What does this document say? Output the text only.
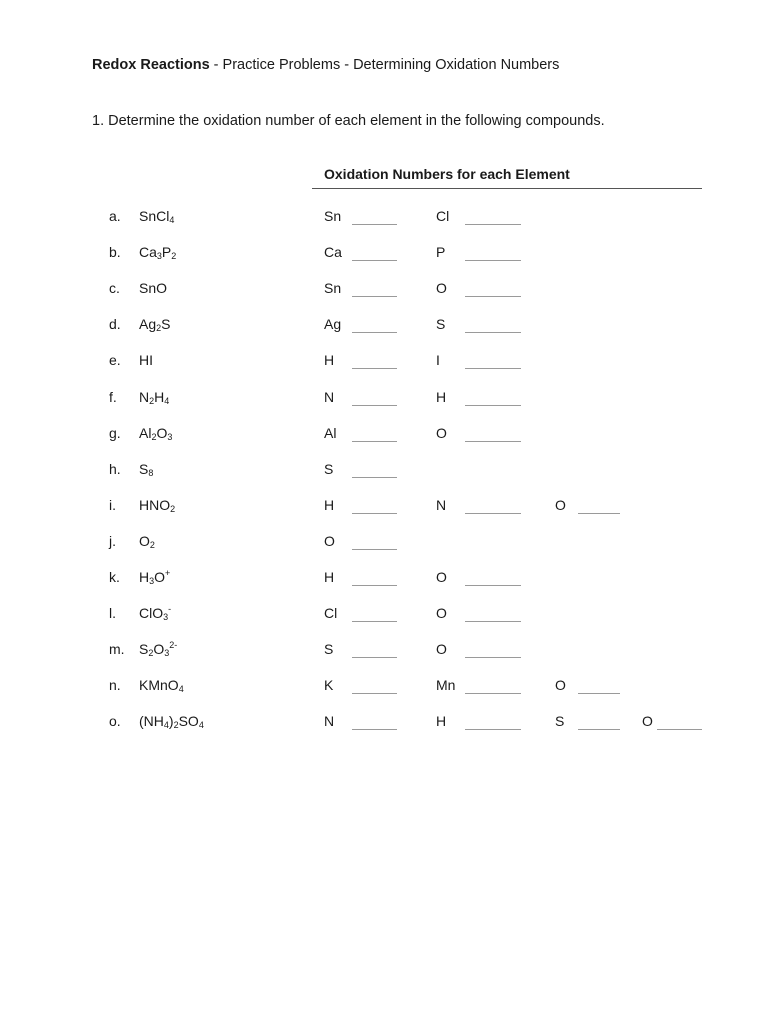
Redox Reactions - Practice Problems - Determining Oxidation Numbers
1. Determine the oxidation number of each element in the following compounds.
Oxidation Numbers for each Element
a. SnCl$_4$	Sn	Cl
b. $Ca_3P_2$	Ca	P
c. SnO	Sn	O
d. $Ag_2S$	Ag	S
e. HI	H	I
f. $N_2H_4$	N	H
g. $Al_2O_3$	Al	O
h. $S_8$	S
i. $HNO_2$	H	N	O
j. $O_2$	O
k. $H_3O^+$	H	O
l. ClO$_3$-	Cl	O
m. $S_2O_3^{2-}$	S	O
n. KMnO$_4$	K	Mn	O
o. $(NH_4)_2SO_4$	N	H	S	O
